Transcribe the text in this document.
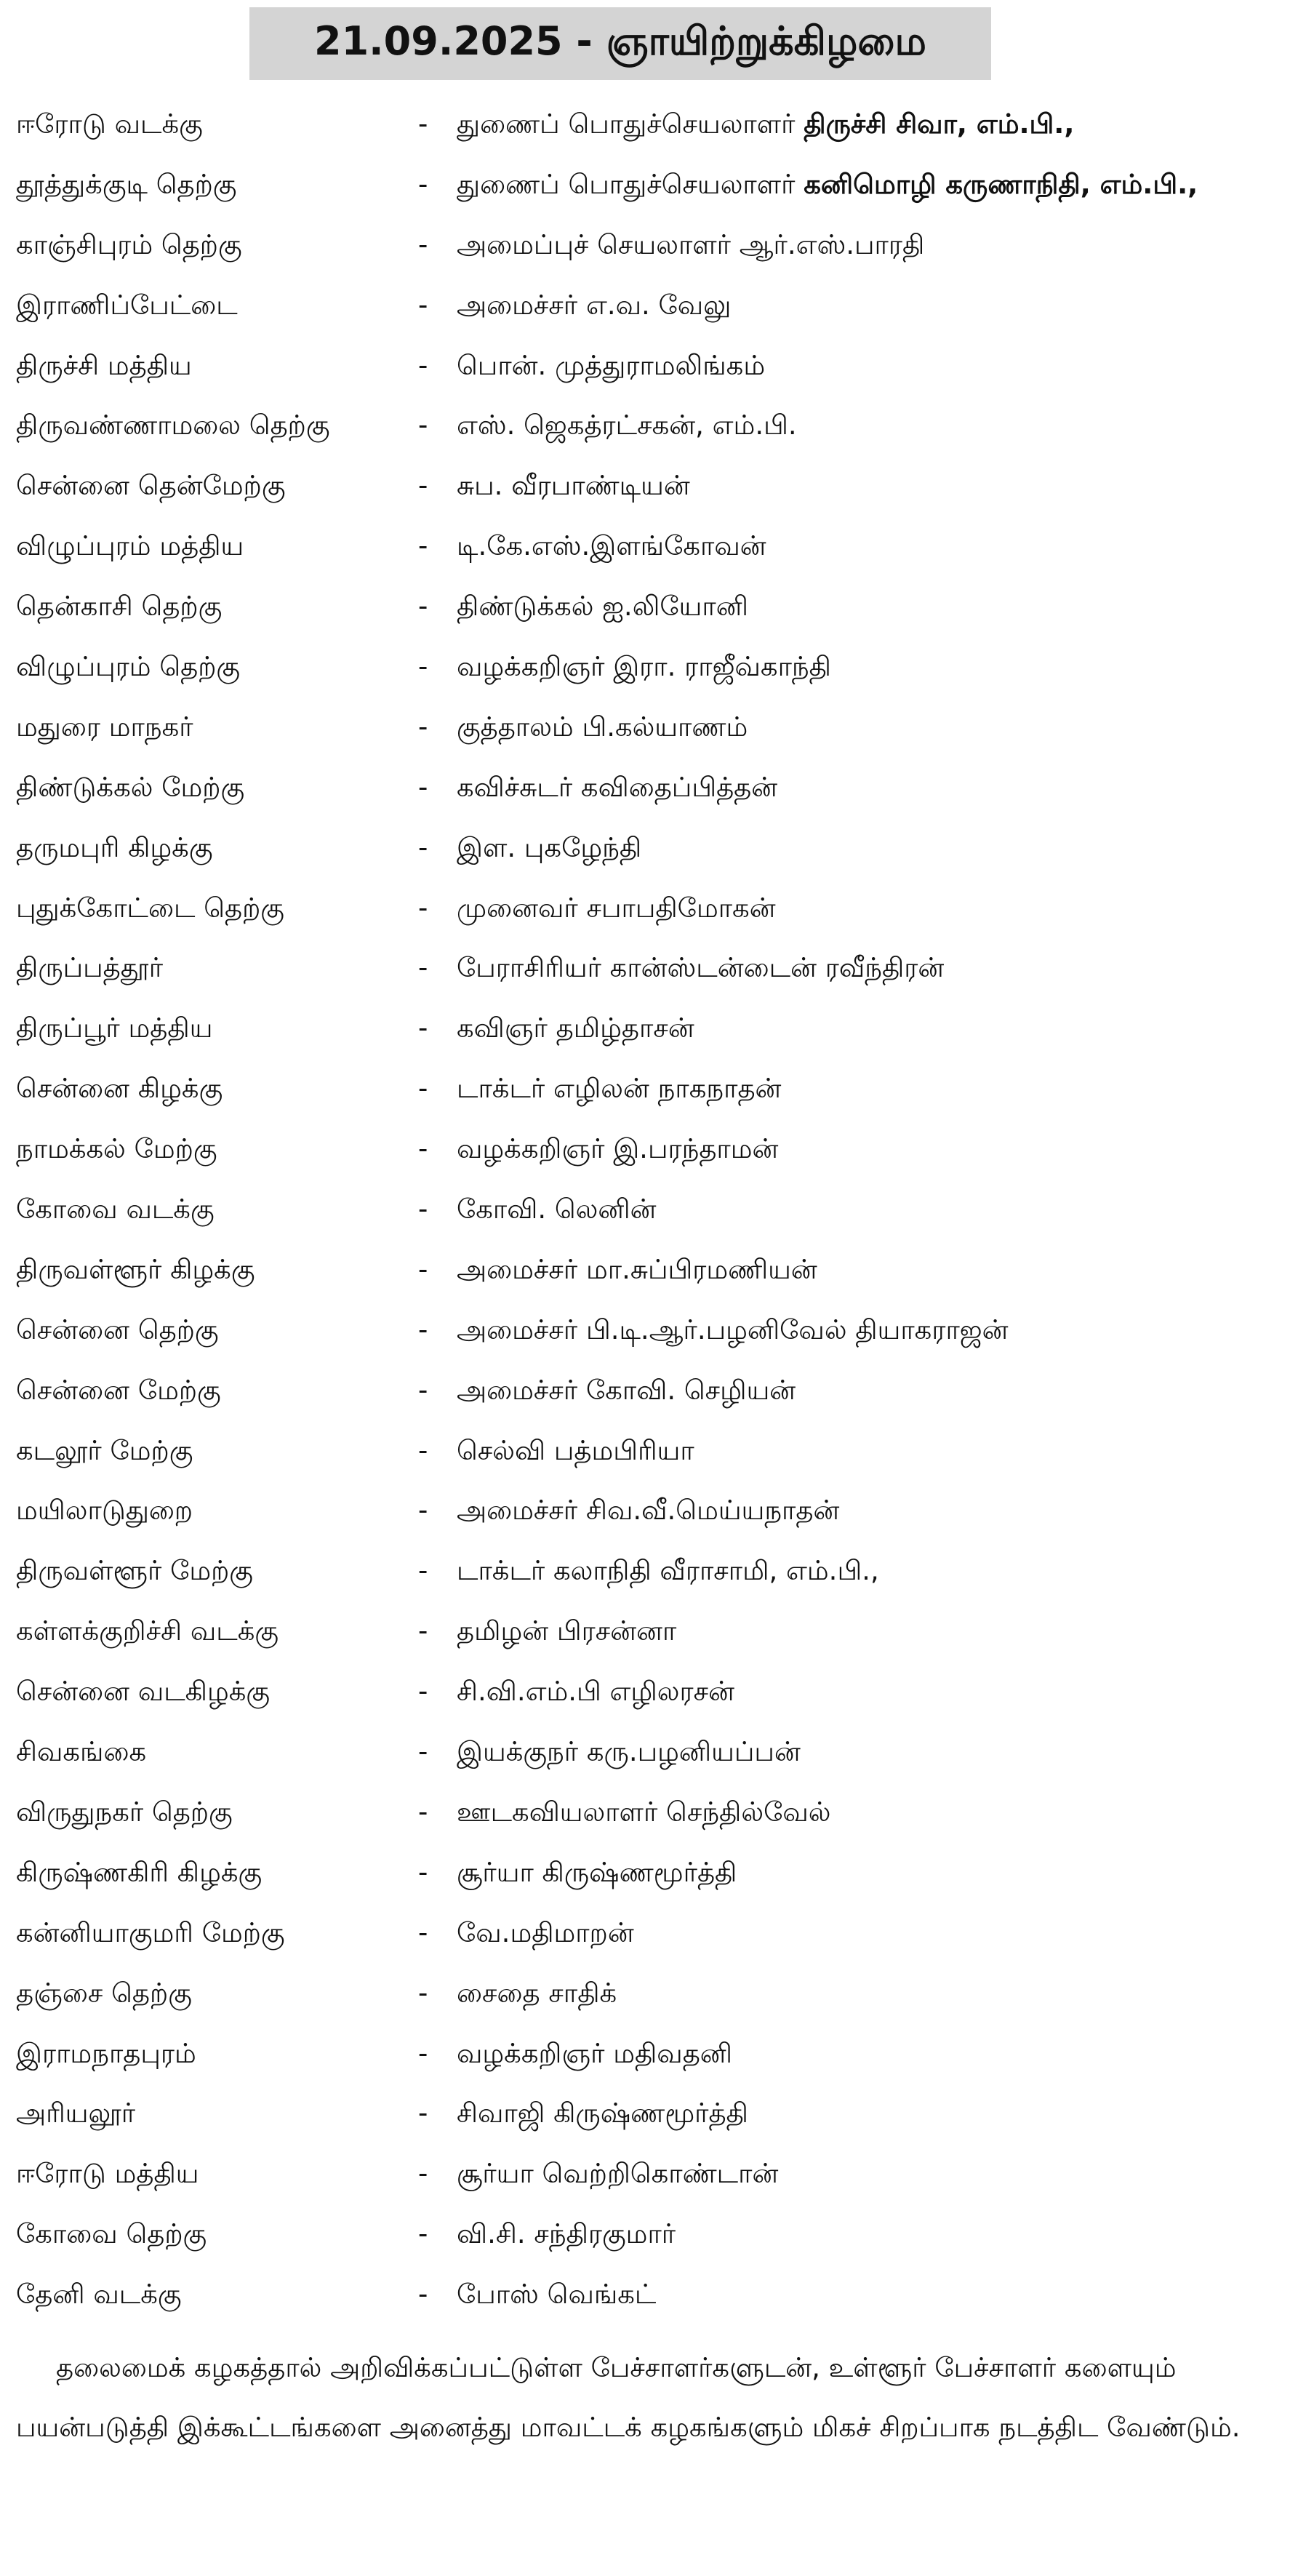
21.09.2025 - ஞாயிற்றுக்கிழமை
ஈரோடு வடக்கு	- துணைப் பொதுச்செயலாளர் திருச்சி சிவா, எம்.பி.,
தூத்துக்குடி தெற்கு	- துணைப் பொதுச்செயலாளர் கனிமொழி கருணாநிதி, எம்.பி.,
காஞ்சிபுரம் தெற்கு	- அமைப்புச் செயலாளர் ஆர்.எஸ்.பாரதி
இராணிப்பேட்டை	- அமைச்சர் எ.வ. வேலு
திருச்சி மத்திய	- பொன். முத்துராமலிங்கம்
திருவண்ணாமலை தெற்கு	- எஸ். ஜெகத்ரட்சகன், எம்.பி.
சென்னை தென்மேற்கு	- சுப. வீரபாண்டியன்
விழுப்புரம் மத்திய	- டி.கே.எஸ்.இளங்கோவன்
தென்காசி தெற்கு	- திண்டுக்கல் ஐ.லியோனி
விழுப்புரம் தெற்கு	- வழக்கறிஞர் இரா. ராஜீவ்காந்தி
மதுரை மாநகர்	- குத்தாலம் பி.கல்யாணம்
திண்டுக்கல் மேற்கு	- கவிச்சுடர் கவிதைப்பித்தன்
தருமபுரி கிழக்கு	- இள. புகழேந்தி
புதுக்கோட்டை தெற்கு	- முனைவர் சபாபதிமோகன்
திருப்பத்தூர்	- பேராசிரியர் கான்ஸ்டன்டைன் ரவீந்திரன்
திருப்பூர் மத்திய	- கவிஞர் தமிழ்தாசன்
சென்னை கிழக்கு	- டாக்டர் எழிலன் நாகநாதன்
நாமக்கல் மேற்கு	- வழக்கறிஞர் இ.பரந்தாமன்
கோவை வடக்கு	- கோவி. லெனின்
திருவள்ளூர் கிழக்கு	- அமைச்சர் மா.சுப்பிரமணியன்
சென்னை தெற்கு	- அமைச்சர் பி.டி.ஆர்.பழனிவேல் தியாகராஜன்
சென்னை மேற்கு	- அமைச்சர் கோவி. செழியன்
கடலூர் மேற்கு	- செல்வி பத்மபிரியா
மயிலாடுதுறை	- அமைச்சர் சிவ.வீ.மெய்யநாதன்
திருவள்ளூர் மேற்கு	- டாக்டர் கலாநிதி வீராசாமி, எம்.பி.,
கள்ளக்குறிச்சி வடக்கு	- தமிழன் பிரசன்னா
சென்னை வடகிழக்கு	- சி.வி.எம்.பி எழிலரசன்
சிவகங்கை	- இயக்குநர் கரு.பழனியப்பன்
விருதுநகர் தெற்கு	- ஊடகவியலாளர் செந்தில்வேல்
கிருஷ்ணகிரி கிழக்கு	- சூர்யா கிருஷ்ணமூர்த்தி
கன்னியாகுமரி மேற்கு	- வே.மதிமாறன்
தஞ்சை தெற்கு	- சைதை சாதிக்
இராமநாதபுரம்	- வழக்கறிஞர் மதிவதனி
அரியலூர்	- சிவாஜி கிருஷ்ணமூர்த்தி
ஈரோடு மத்திய	- சூர்யா வெற்றிகொண்டான்
கோவை தெற்கு	- வி.சி. சந்திரகுமார்
தேனி வடக்கு	- போஸ் வெங்கட்
தலைமைக் கழகத்தால் அறிவிக்கப்பட்டுள்ள பேச்சாளர்களுடன், உள்ளூர் பேச்சாளர் களையும் பயன்படுத்தி இக்கூட்டங்களை அனைத்து மாவட்டக் கழகங்களும் மிகச் சிறப்பாக நடத்திட வேண்டும்.
